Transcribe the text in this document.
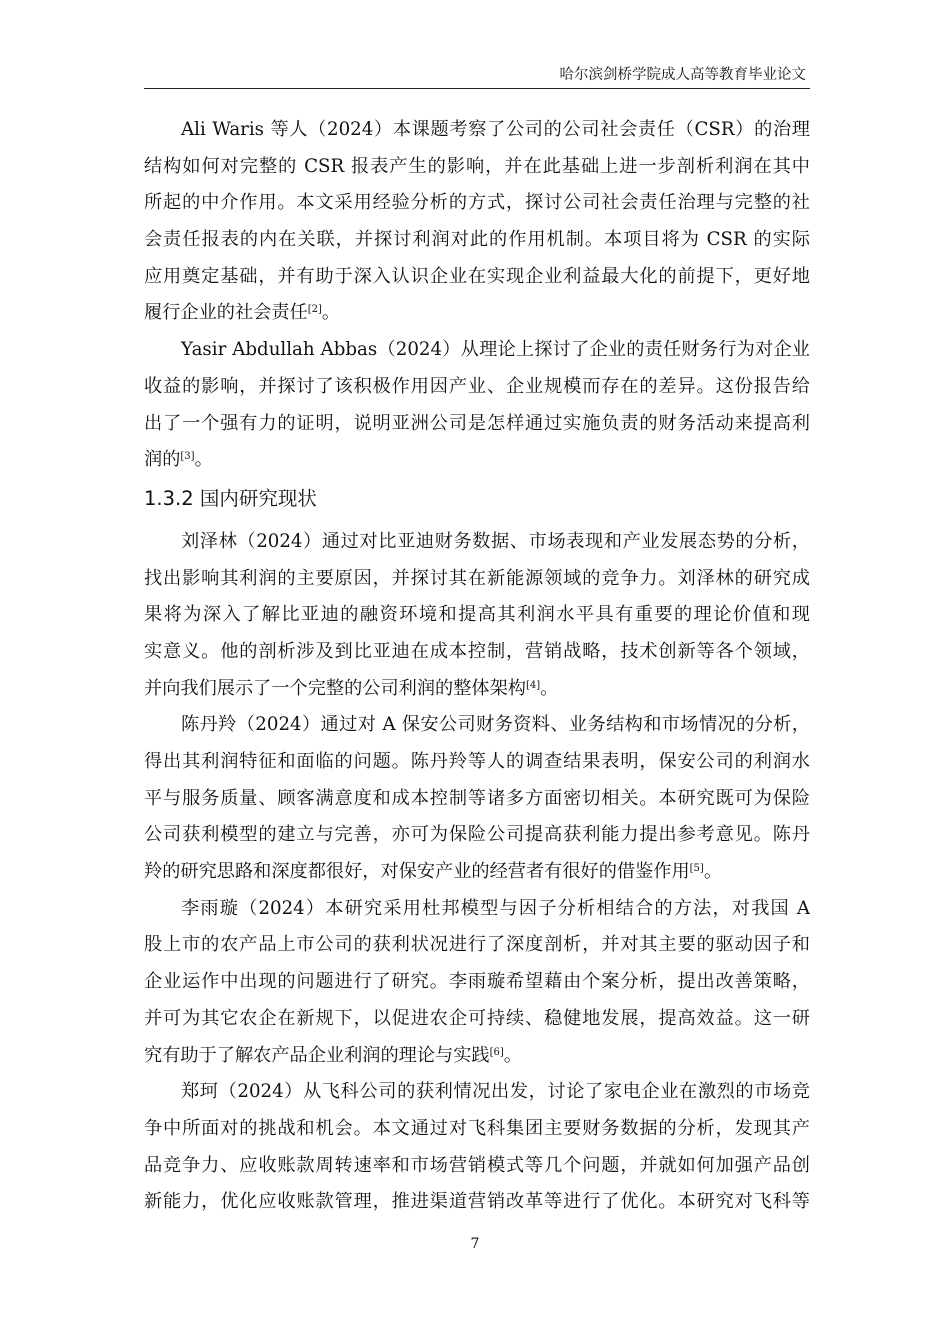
哈尔滨剑桥学院成人高等教育毕业论文
Ali Waris 等人（2024）本课题考察了公司的公司社会责任（CSR）的治理
结构如何对完整的 CSR 报表产生的影响，并在此基础上进一步剖析利润在其中
所起的中介作用。本文采用经验分析的方式，探讨公司社会责任治理与完整的社
会责任报表的内在关联，并探讨利润对此的作用机制。本项目将为 CSR 的实际
应用奠定基础，并有助于深入认识企业在实现企业利益最大化的前提下，更好地
履行企业的社会责任[2]。
Yasir Abdullah Abbas（2024）从理论上探讨了企业的责任财务行为对企业
收益的影响，并探讨了该积极作用因产业、企业规模而存在的差异。这份报告给
出了一个强有力的证明，说明亚洲公司是怎样通过实施负责的财务活动来提高利
润的[3]。
1.3.2 国内研究现状
刘泽林（2024）通过对比亚迪财务数据、市场表现和产业发展态势的分析，
找出影响其利润的主要原因，并探讨其在新能源领域的竞争力。刘泽林的研究成
果将为深入了解比亚迪的融资环境和提高其利润水平具有重要的理论价值和现
实意义。他的剖析涉及到比亚迪在成本控制，营销战略，技术创新等各个领域，
并向我们展示了一个完整的公司利润的整体架构[4]。
陈丹羚（2024）通过对 A 保安公司财务资料、业务结构和市场情况的分析，
得出其利润特征和面临的问题。陈丹羚等人的调查结果表明，保安公司的利润水
平与服务质量、顾客满意度和成本控制等诸多方面密切相关。本研究既可为保险
公司获利模型的建立与完善，亦可为保险公司提高获利能力提出参考意见。陈丹
羚的研究思路和深度都很好，对保安产业的经营者有很好的借鉴作用[5]。
李雨璇（2024）本研究采用杜邦模型与因子分析相结合的方法，对我国 A
股上市的农产品上市公司的获利状况进行了深度剖析，并对其主要的驱动因子和
企业运作中出现的问题进行了研究。李雨璇希望藉由个案分析，提出改善策略，
并可为其它农企在新规下，以促进农企可持续、稳健地发展，提高效益。这一研
究有助于了解农产品企业利润的理论与实践[6]。
郑珂（2024）从飞科公司的获利情况出发，讨论了家电企业在激烈的市场竞
争中所面对的挑战和机会。本文通过对飞科集团主要财务数据的分析，发现其产
品竞争力、应收账款周转速率和市场营销模式等几个问题，并就如何加强产品创
新能力，优化应收账款管理，推进渠道营销改革等进行了优化。本研究对飞科等
7
